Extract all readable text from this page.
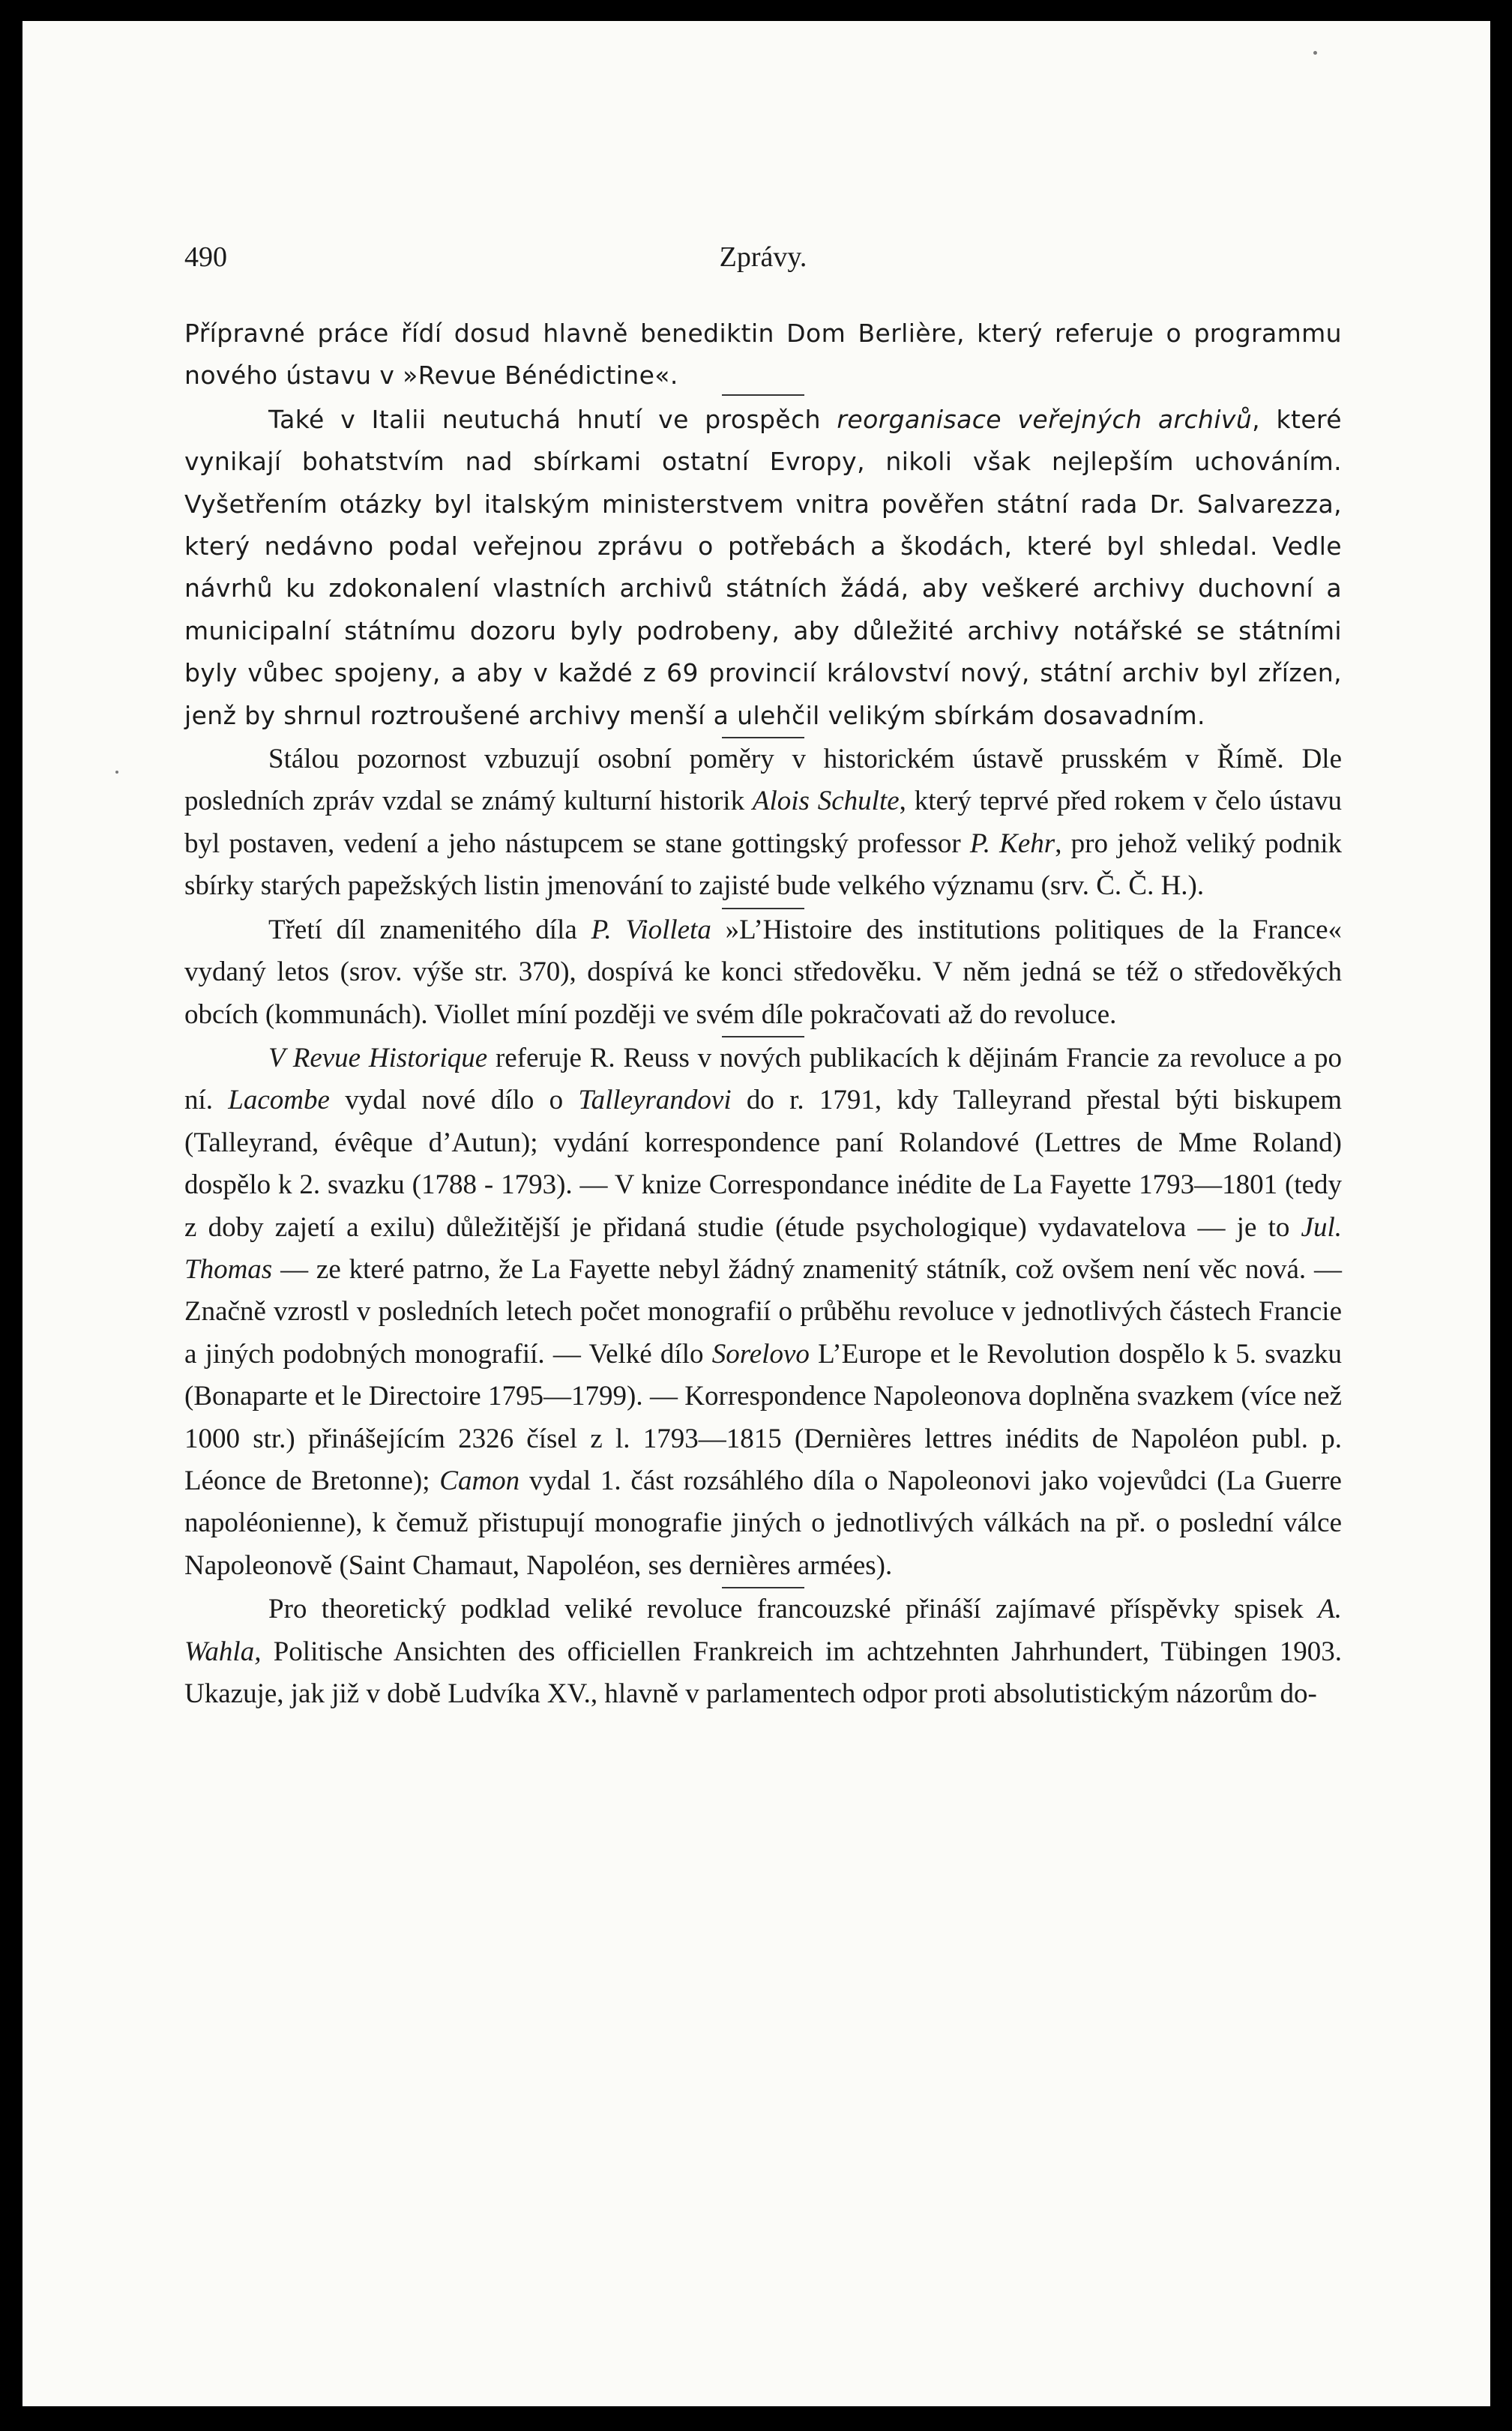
490	Zprávy.

Přípravné práce řídí dosud hlavně benediktin Dom Berlière, který referuje o programmu nového ústavu v »Revue Bénédictine«.

Také v Italii neutuchá hnutí ve prospěch reorganisace veřejných archivů, které vynikají bohatstvím nad sbírkami ostatní Evropy, nikoli však nejlepším uchováním. Vyšetřením otázky byl italským ministerstvem vnitra pověřen státní rada Dr. Salvarezza, který nedávno podal veřejnou zprávu o potřebách a škodách, které byl shledal. Vedle návrhů ku zdokonalení vlastních archivů státních žádá, aby veškeré archivy duchovní a municipalní státnímu dozoru byly podrobeny, aby důležité archivy notářské se státními byly vůbec spojeny, a aby v každé z 69 provincií království nový, státní archiv byl zřízen, jenž by shrnul roztroušené archivy menší a ulehčil velikým sbírkám dosavadním.

Stálou pozornost vzbuzují osobní poměry v historickém ústavě prusském v Římě. Dle posledních zpráv vzdal se známý kulturní historik Alois Schulte, který teprvé před rokem v čelo ústavu byl postaven, vedení a jeho nástupcem se stane gottingský professor P. Kehr, pro jehož veliký podnik sbírky starých papežských listin jmenování to zajisté bude velkého významu (srv. Č. Č. H.).

Třetí díl znamenitého díla P. Violleta »L’Histoire des institutions politiques de la France« vydaný letos (srov. výše str. 370), dospívá ke konci středověku. V něm jedná se též o středověkých obcích (kommunách). Viollet míní později ve svém díle pokračovati až do revoluce.

V Revue Historique referuje R. Reuss v nových publikacích k dějinám Francie za revoluce a po ní. Lacombe vydal nové dílo o Talleyrandovi do r. 1791, kdy Talleyrand přestal býti biskupem (Talleyrand, évêque d’Autun); vydání korrespondence paní Rolandové (Lettres de Mme Roland) dospělo k 2. svazku (1788 - 1793). — V knize Correspondance inédite de La Fayette 1793—1801 (tedy z doby zajetí a exilu) důležitější je přidaná studie (étude psychologique) vydavatelova — je to Jul. Thomas — ze které patrno, že La Fayette nebyl žádný znamenitý státník, což ovšem není věc nová. — Značně vzrostl v posledních letech počet monografií o průběhu revoluce v jednotlivých částech Francie a jiných podobných monografií. — Velké dílo Sorelovo L’Europe et le Revolution dospělo k 5. svazku (Bonaparte et le Directoire 1795—1799). — Korrespondence Napoleonova doplněna svazkem (více než 1000 str.) přinášejícím 2326 čísel z l. 1793—1815 (Dernières lettres inédits de Napoléon publ. p. Léonce de Bretonne); Camon vydal 1. část rozsáhlého díla o Napoleonovi jako vojevůdci (La Guerre napoléonienne), k čemuž přistupují monografie jiných o jednotlivých válkách na př. o poslední válce Napoleonově (Saint Chamaut, Napoléon, ses dernières armées).

Pro theoretický podklad veliké revoluce francouzské přináší zajímavé příspěvky spisek A. Wahla, Politische Ansichten des officiellen Frankreich im achtzehnten Jahrhundert, Tübingen 1903. Ukazuje, jak již v době Ludvíka XV., hlavně v parlamentech odpor proti absolutistickým názorům do-
